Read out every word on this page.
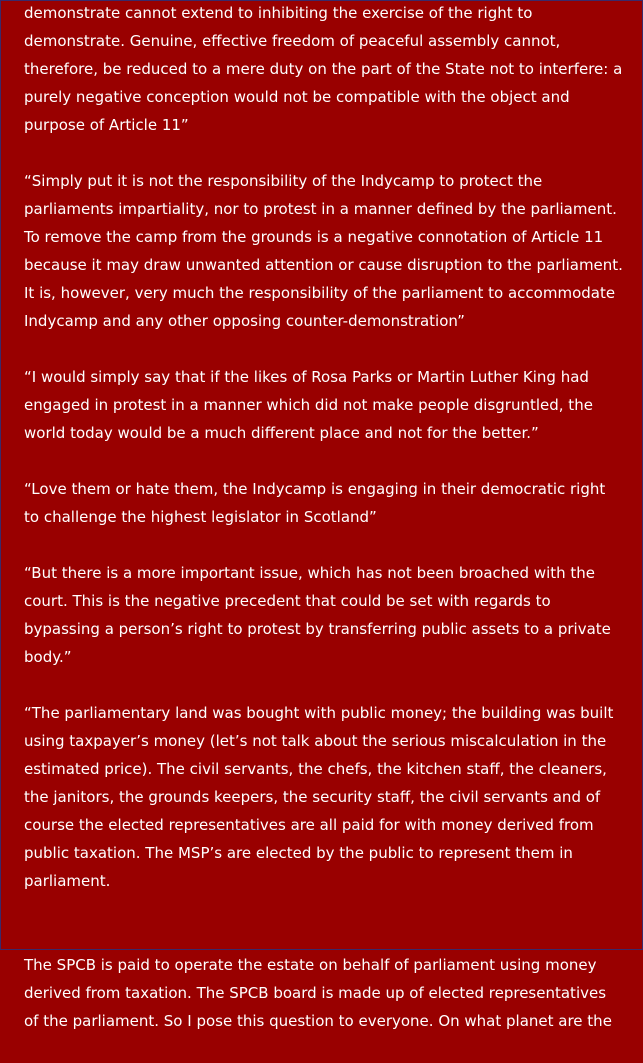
demonstrate cannot extend to inhibiting the exercise of the right to demonstrate. Genuine, effective freedom of peaceful assembly cannot, therefore, be reduced to a mere duty on the part of the State not to interfere: a purely negative conception would not be compatible with the object and purpose of Article 11”

“Simply put it is not the responsibility of the Indycamp to protect the parliaments impartiality, nor to protest in a manner defined by the parliament. To remove the camp from the grounds is a negative connotation of Article 11 because it may draw unwanted attention or cause disruption to the parliament. It is, however, very much the responsibility of the parliament to accommodate Indycamp and any other opposing counter-demonstration”

“I would simply say that if the likes of Rosa Parks or Martin Luther King had engaged in protest in a manner which did not make people disgruntled, the world today would be a much different place and not for the better.”

“Love them or hate them, the Indycamp is engaging in their democratic right to challenge the highest legislator in Scotland”

“But there is a more important issue, which has not been broached with the court. This is the negative precedent that could be set with regards to bypassing a person’s right to protest by transferring public assets to a private body.”

“The parliamentary land was bought with public money; the building was built using taxpayer’s money (let’s not talk about the serious miscalculation in the estimated price). The civil servants, the chefs, the kitchen staff, the cleaners, the janitors, the grounds keepers, the security staff, the civil servants and of course the elected representatives are all paid for with money derived from public taxation. The MSP’s are elected by the public to represent them in parliament.

The SPCB is paid to operate the estate on behalf of parliament using money derived from taxation. The SPCB board is made up of elected representatives of the parliament. So I pose this question to everyone. On what planet are the
